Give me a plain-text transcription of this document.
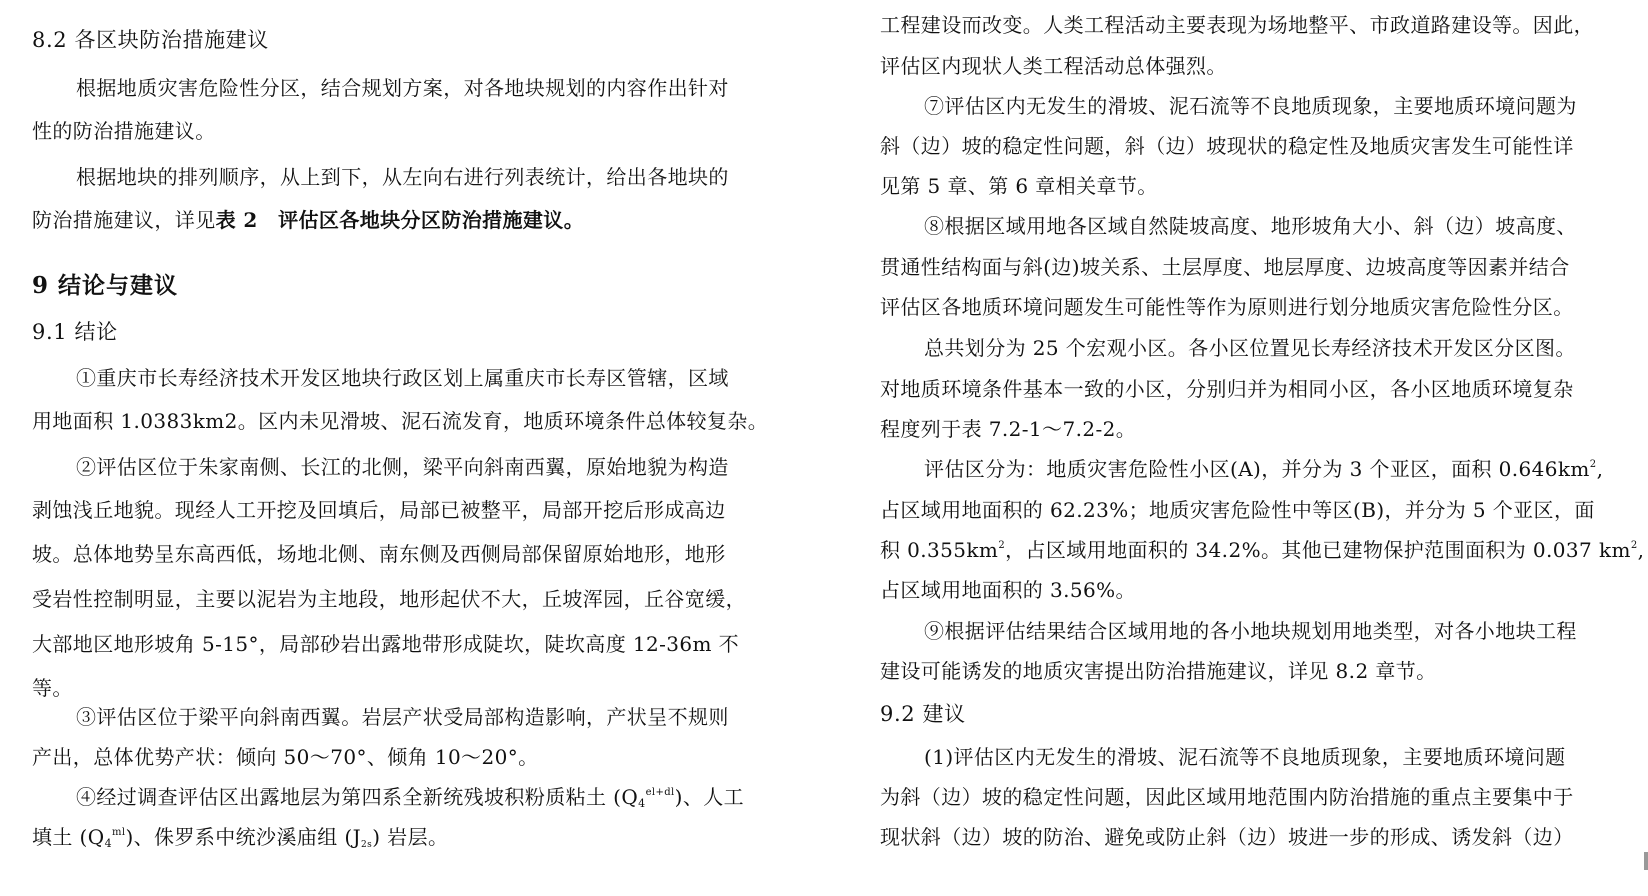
8.2 各区块防治措施建议
根据地质灾害危险性分区，结合规划方案，对各地块规划的内容作出针对
性的防治措施建议。
根据地块的排列顺序，从上到下，从左向右进行列表统计，给出各地块的
防治措施建议，详见表 2　评估区各地块分区防治措施建议。
9 结论与建议
9.1 结论
①重庆市长寿经济技术开发区地块行政区划上属重庆市长寿区管辖，区域
用地面积 1.0383km2。区内未见滑坡、泥石流发育，地质环境条件总体较复杂。
②评估区位于朱家南侧、长江的北侧，梁平向斜南西翼，原始地貌为构造
剥蚀浅丘地貌。现经人工开挖及回填后，局部已被整平，局部开挖后形成高边
坡。总体地势呈东高西低，场地北侧、南东侧及西侧局部保留原始地形，地形
受岩性控制明显，主要以泥岩为主地段，地形起伏不大，丘坡浑园，丘谷宽缓，
大部地区地形坡角 5-15°，局部砂岩出露地带形成陡坎，陡坎高度 12-36m 不
等。
③评估区位于梁平向斜南西翼。岩层产状受局部构造影响，产状呈不规则
产出，总体优势产状：倾向 50～70°、倾角 10～20°。
④经过调查评估区出露地层为第四系全新统残坡积粉质粘土 $(Q_4^{el+dl})$、人工
填土 $(Q_4^{ml})$、侏罗系中统沙溪庙组 $(J_{2s})$ 岩层。
工程建设而改变。人类工程活动主要表现为场地整平、市政道路建设等。因此，
评估区内现状人类工程活动总体强烈。
⑦评估区内无发生的滑坡、泥石流等不良地质现象，主要地质环境问题为
斜（边）坡的稳定性问题，斜（边）坡现状的稳定性及地质灾害发生可能性详
见第 5 章、第 6 章相关章节。
⑧根据区域用地各区域自然陡坡高度、地形坡角大小、斜（边）坡高度、
贯通性结构面与斜(边)坡关系、土层厚度、地层厚度、边坡高度等因素并结合
评估区各地质环境问题发生可能性等作为原则进行划分地质灾害危险性分区。
总共划分为 25 个宏观小区。各小区位置见长寿经济技术开发区分区图。
对地质环境条件基本一致的小区，分别归并为相同小区，各小区地质环境复杂
程度列于表 7.2-1～7.2-2。
评估区分为：地质灾害危险性小区(A)，并分为 3 个亚区，面积 $0.646km^2$,
占区域用地面积的 62.23%；地质灾害危险性中等区(B)，并分为 5 个亚区，面
积 $0.355km^2$，占区域用地面积的 34.2%。其他已建物保护范围面积为 0.037 $km^2$,
占区域用地面积的 3.56%。
⑨根据评估结果结合区域用地的各小地块规划用地类型，对各小地块工程
建设可能诱发的地质灾害提出防治措施建议，详见 8.2 章节。
9.2 建议
(1)评估区内无发生的滑坡、泥石流等不良地质现象，主要地质环境问题
为斜（边）坡的稳定性问题，因此区域用地范围内防治措施的重点主要集中于
现状斜（边）坡的防治、避免或防止斜（边）坡进一步的形成、诱发斜（边）
